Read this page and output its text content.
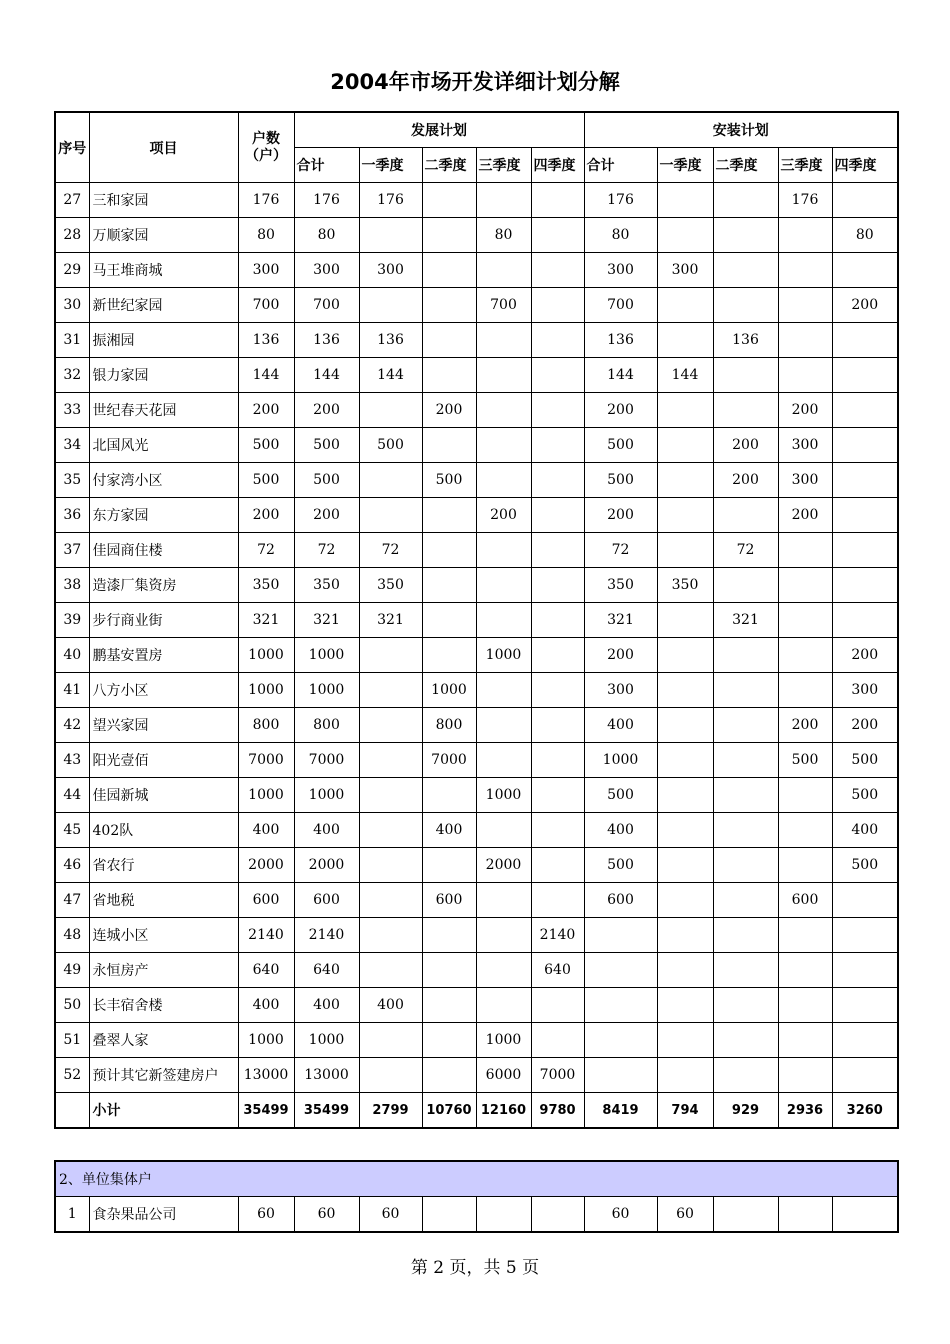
2004年市场开发详细计划分解
序号	项目	户数（户）	发展计划					安装计划				
			合计	一季度	二季度	三季度	四季度	合计	一季度	二季度	三季度	四季度
27	三和家园	176	176	176				176			176	
28	万顺家园	80	80			80		80				80
29	马王堆商城	300	300	300				300	300			
30	新世纪家园	700	700			700		700				200
31	振湘园	136	136	136				136		136		
32	银力家园	144	144	144				144	144			
33	世纪春天花园	200	200		200			200			200	
34	北国风光	500	500	500				500		200	300	
35	付家湾小区	500	500		500			500		200	300	
36	东方家园	200	200			200		200			200	
37	佳园商住楼	72	72	72				72		72		
38	造漆厂集资房	350	350	350				350	350			
39	步行商业街	321	321	321				321		321		
40	鹏基安置房	1000	1000			1000		200				200
41	八方小区	1000	1000		1000			300				300
42	望兴家园	800	800		800			400			200	200
43	阳光壹佰	7000	7000		7000			1000			500	500
44	佳园新城	1000	1000			1000		500				500
45	402队	400	400		400			400				400
46	省农行	2000	2000			2000		500				500
47	省地税	600	600		600			600			600	
48	连城小区	2140	2140				2140					
49	永恒房产	640	640				640					
50	长丰宿舍楼	400	400	400								
51	叠翠人家	1000	1000			1000						
52	预计其它新签建房户	13000	13000			6000	7000					
	小计	35499	35499	2799	10760	12160	9780	8419	794	929	2936	3260
2、单位集体户
1	食杂果品公司	60	60	60				60	60			
第 2 页，共 5 页
